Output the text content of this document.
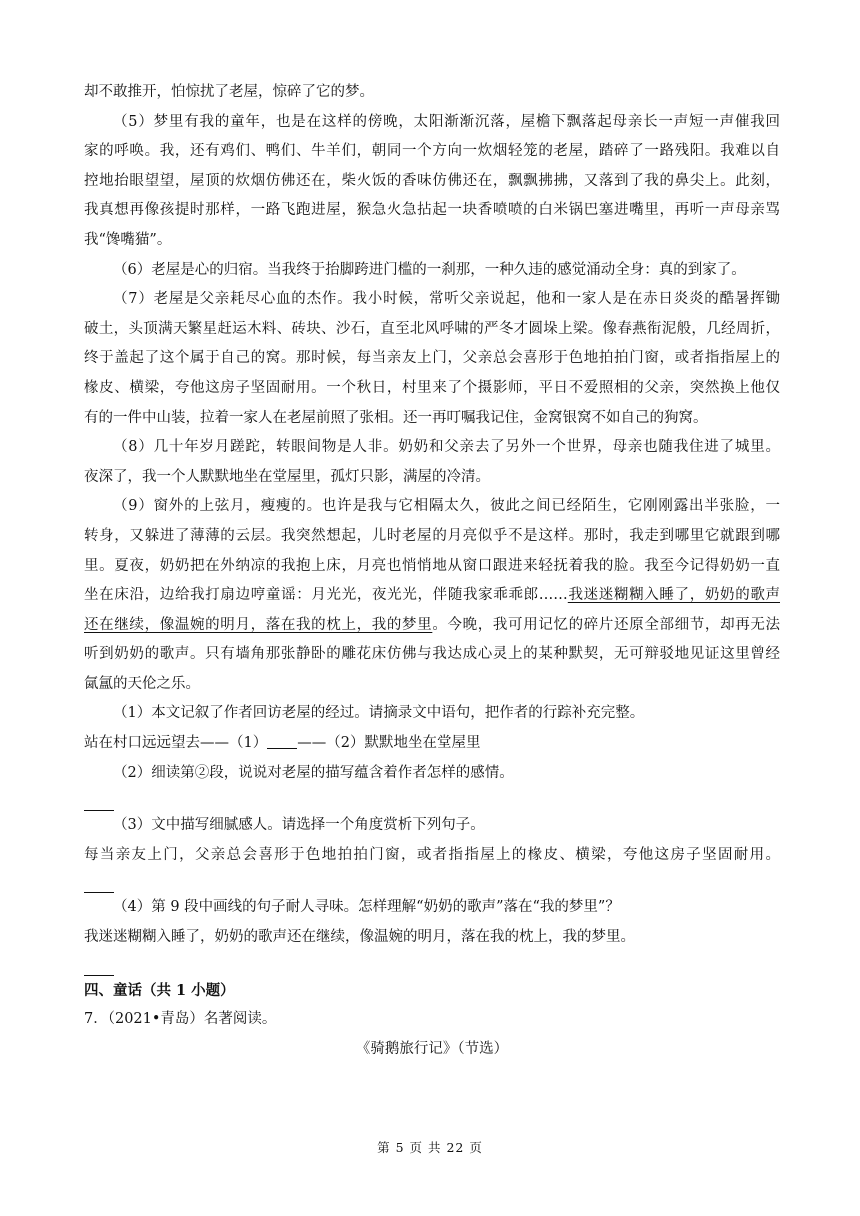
却不敢推开，怕惊扰了老屋，惊碎了它的梦。
（5）梦里有我的童年，也是在这样的傍晚，太阳渐渐沉落，屋檐下飘落起母亲长一声短一声催我回
家的呼唤。我，还有鸡们、鸭们、牛羊们，朝同一个方向一炊烟轻笼的老屋，踏碎了一路残阳。我难以自
控地抬眼望望，屋顶的炊烟仿佛还在，柴火饭的香味仿佛还在，飘飘拂拂，又落到了我的鼻尖上。此刻，
我真想再像孩提时那样，一路飞跑进屋，猴急火急拈起一块香喷喷的白米锅巴塞进嘴里，再听一声母亲骂
我“馋嘴猫”。
（6）老屋是心的归宿。当我终于抬脚跨进门槛的一刹那，一种久违的感觉涌动全身：真的到家了。
（7）老屋是父亲耗尽心血的杰作。我小时候，常听父亲说起，他和一家人是在赤日炎炎的酷暑挥锄
破土，头顶满天繁星赶运木料、砖块、沙石，直至北风呼啸的严冬才圆垛上梁。像春燕衔泥般，几经周折，
终于盖起了这个属于自己的窝。那时候，每当亲友上门，父亲总会喜形于色地拍拍门窗，或者指指屋上的
椽皮、横梁，夸他这房子坚固耐用。一个秋日，村里来了个摄影师，平日不爱照相的父亲，突然换上他仅
有的一件中山装，拉着一家人在老屋前照了张相。还一再叮嘱我记住，金窝银窝不如自己的狗窝。
（8）几十年岁月蹉跎，转眼间物是人非。奶奶和父亲去了另外一个世界，母亲也随我住进了城里。
夜深了，我一个人默默地坐在堂屋里，孤灯只影，满屋的冷清。
（9）窗外的上弦月，瘦瘦的。也许是我与它相隔太久，彼此之间已经陌生，它刚刚露出半张脸，一
转身，又躲进了薄薄的云层。我突然想起，儿时老屋的月亮似乎不是这样。那时，我走到哪里它就跟到哪
里。夏夜，奶奶把在外纳凉的我抱上床，月亮也悄悄地从窗口跟进来轻抚着我的脸。我至今记得奶奶一直
坐在床沿，边给我打扇边哼童谣：月光光，夜光光，伴随我家乖乖郎……我迷迷糊糊入睡了，奶奶的歌声
还在继续，像温婉的明月，落在我的枕上，我的梦里。今晚，我可用记忆的碎片还原全部细节，却再无法
听到奶奶的歌声。只有墙角那张静卧的雕花床仿佛与我达成心灵上的某种默契，无可辩驳地见证这里曾经
氤氲的天伦之乐。
（1）本文记叙了作者回访老屋的经过。请摘录文中语句，把作者的行踪补充完整。
站在村口远远望去——（1） ——（2）默默地坐在堂屋里
（2）细读第②段，说说对老屋的描写蕴含着作者怎样的感情。
（3）文中描写细腻感人。请选择一个角度赏析下列句子。
每当亲友上门，父亲总会喜形于色地拍拍门窗，或者指指屋上的椽皮、横梁，夸他这房子坚固耐用。
（4）第 9 段中画线的句子耐人寻味。怎样理解“奶奶的歌声”落在“我的梦里”？
我迷迷糊糊入睡了，奶奶的歌声还在继续，像温婉的明月，落在我的枕上，我的梦里。
四、童话（共 1 小题）
7．（2021•青岛）名著阅读。
《骑鹅旅行记》（节选）
第 5 页 共 22 页
